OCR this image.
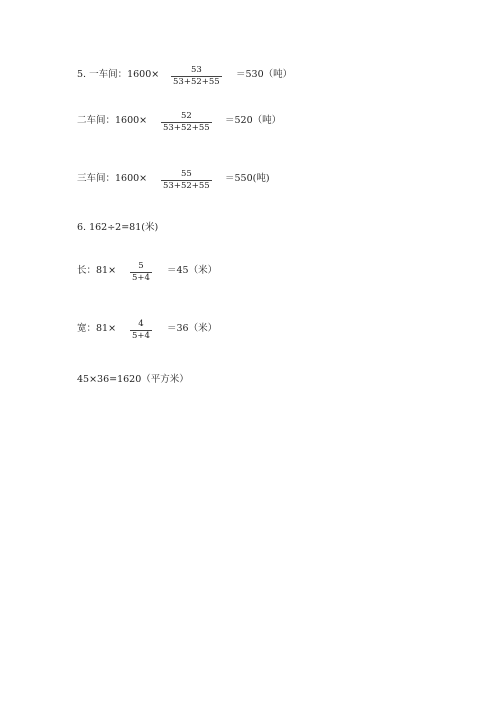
5. 一车间：1600×	53
53+52+55
＝530（吨）
二车间：1600×	52
53+52+55
＝520（吨）
三车间：1600×	55
53+52+55
＝550(吨)
6. 162÷2=81(米)
长：81×	5
5+4
＝45（米）
宽：81×	4
5+4
＝36（米）
45×36=1620（平方米）
